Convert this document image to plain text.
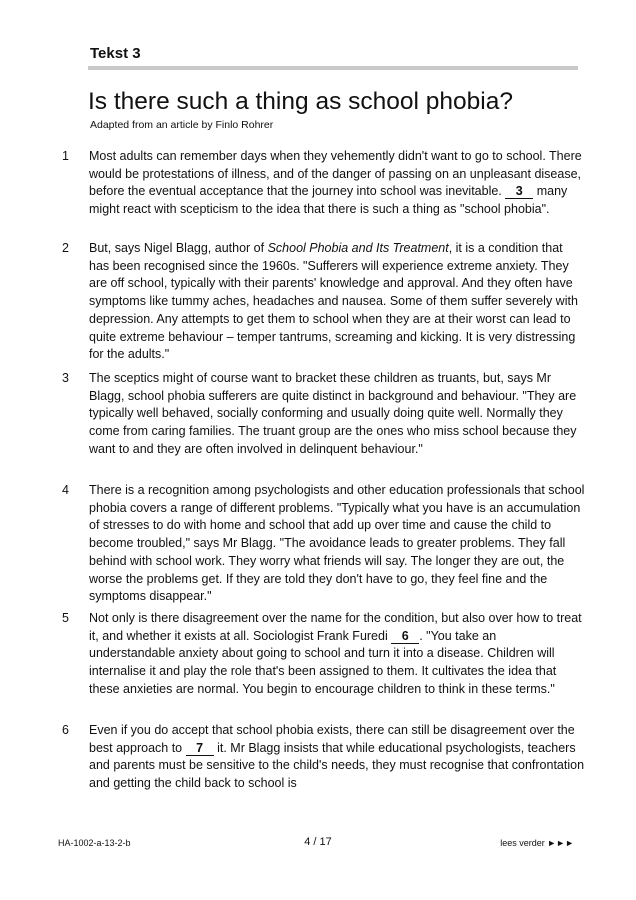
Tekst 3
Is there such a thing as school phobia?

Adapted from an article by Finlo Rohrer

1	Most adults can remember days when they vehemently didn't want to go to school. There would be protestations of illness, and of the danger of passing on an unpleasant disease, before the eventual acceptance that the journey into school was inevitable. 3 many might react with scepticism to the idea that there is such a thing as "school phobia".

2	But, says Nigel Blagg, author of School Phobia and Its Treatment, it is a condition that has been recognised since the 1960s. "Sufferers will experience extreme anxiety. They are off school, typically with their parents' knowledge and approval. And they often have symptoms like tummy aches, headaches and nausea. Some of them suffer severely with depression. Any attempts to get them to school when they are at their worst can lead to quite extreme behaviour – temper tantrums, screaming and kicking. It is very distressing for the adults."

3	The sceptics might of course want to bracket these children as truants, but, says Mr Blagg, school phobia sufferers are quite distinct in background and behaviour. "They are typically well behaved, socially conforming and usually doing quite well. Normally they come from caring families. The truant group are the ones who miss school because they want to and they are often involved in delinquent behaviour."

4	There is a recognition among psychologists and other education professionals that school phobia covers a range of different problems. "Typically what you have is an accumulation of stresses to do with home and school that add up over time and cause the child to become troubled," says Mr Blagg. "The avoidance leads to greater problems. They fall behind with school work. They worry what friends will say. The longer they are out, the worse the problems get. If they are told they don't have to go, they feel fine and the symptoms disappear."

5	Not only is there disagreement over the name for the condition, but also over how to treat it, and whether it exists at all. Sociologist Frank Furedi 6 . "You take an understandable anxiety about going to school and turn it into a disease. Children will internalise it and play the role that's been assigned to them. It cultivates the idea that these anxieties are normal. You begin to encourage children to think in these terms."

6	Even if you do accept that school phobia exists, there can still be disagreement over the best approach to 7 it. Mr Blagg insists that while educational psychologists, teachers and parents must be sensitive to the child's needs, they must recognise that confrontation and getting the child back to school is

HA-1002-a-13-2-b	4 / 17	lees verder ►►►
